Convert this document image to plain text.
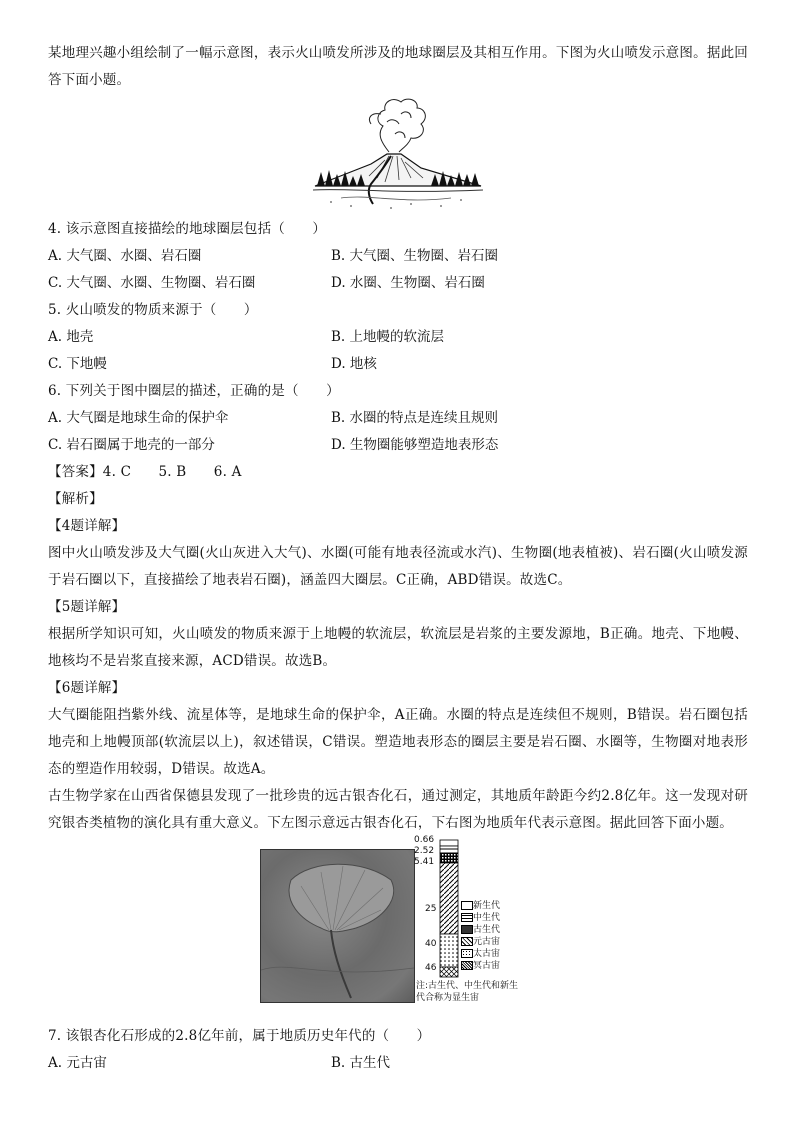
某地理兴趣小组绘制了一幅示意图，表示火山喷发所涉及的地球圈层及其相互作用。下图为火山喷发示意图。据此回答下面小题。

4. 该示意图直接描绘的地球圈层包括（　　）

A. 大气圈、水圈、岩石圈	B. 大气圈、生物圈、岩石圈
C. 大气圈、水圈、生物圈、岩石圈	D. 水圈、生物圈、岩石圈

5. 火山喷发的物质来源于（　　）

A. 地壳	B. 上地幔的软流层
C. 下地幔	D. 地核

6. 下列关于图中圈层的描述，正确的是（　　）

A. 大气圈是地球生命的保护伞	B. 水圈的特点是连续且规则
C. 岩石圈属于地壳的一部分	D. 生物圈能够塑造地表形态

【答案】4. C　　5. B　　6. A

【解析】

【4题详解】

图中火山喷发涉及大气圈(火山灰进入大气)、水圈(可能有地表径流或水汽)、生物圈(地表植被)、岩石圈(火山喷发源于岩石圈以下，直接描绘了地表岩石圈)，涵盖四大圈层。C正确，ABD错误。故选C。

【5题详解】

根据所学知识可知，火山喷发的物质来源于上地幔的软流层，软流层是岩浆的主要发源地，B正确。地壳、下地幔、地核均不是岩浆直接来源，ACD错误。故选B。

【6题详解】

大气圈能阻挡紫外线、流星体等，是地球生命的保护伞，A正确。水圈的特点是连续但不规则，B错误。岩石圈包括地壳和上地幔顶部(软流层以上)，叙述错误，C错误。塑造地表形态的圈层主要是岩石圈、水圈等，生物圈对地表形态的塑造作用较弱，D错误。故选A。

古生物学家在山西省保德县发现了一批珍贵的远古银杏化石，通过测定，其地质年龄距今约2.8亿年。这一发现对研究银杏类植物的演化具有重大意义。下左图示意远古银杏化石，下右图为地质年代表示意图。据此回答下面小题。

0.66
2.52
5.41
25
40
46
新生代
中生代
古生代
元古宙
太古宙
冥古宙
注:古生代、中生代和新生
代合称为显生宙

7. 该银杏化石形成的2.8亿年前，属于地质历史年代的（　　）

A. 元古宙	B. 古生代
